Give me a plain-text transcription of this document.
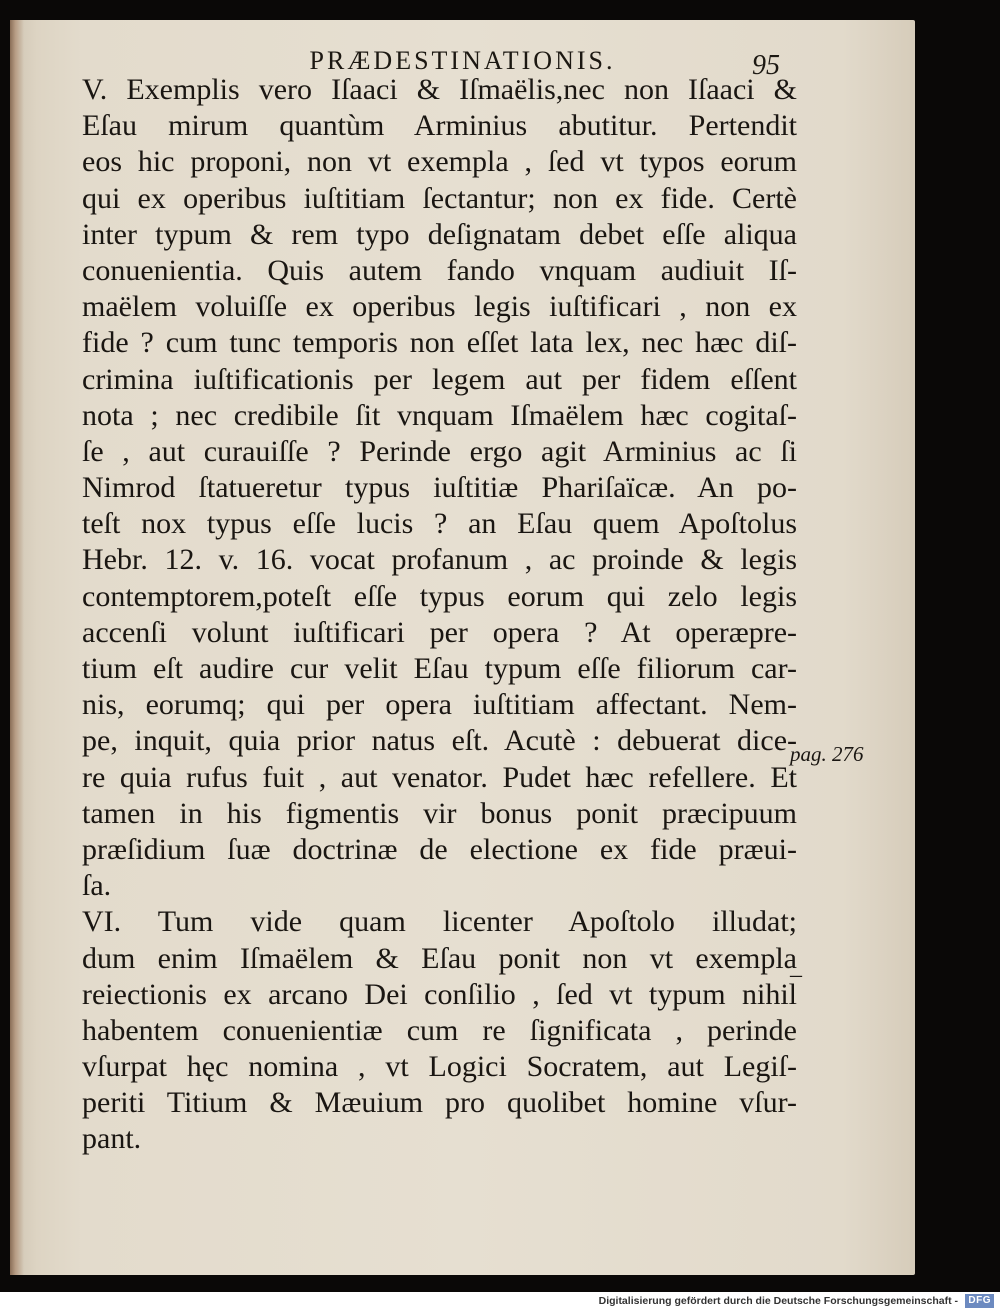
PRÆDESTINATIONIS.	95
V. Exemplis vero Iſaaci & Iſmaëlis,nec non Iſaaci &
Eſau mirum quantùm Arminius abutitur. Pertendit
eos hic proponi, non vt exempla , ſed vt typos eorum
qui ex operibus iuſtitiam ſectantur; non ex fide. Certè
inter typum & rem typo deſignatam debet eſſe aliqua
conuenientia. Quis autem fando vnquam audiuit Iſ-
maëlem voluiſſe ex operibus legis iuſtificari , non ex
fide ? cum tunc temporis non eſſet lata lex, nec hæc diſ-
crimina iuſtificationis per legem aut per fidem eſſent
nota ; nec credibile ſit vnquam Iſmaëlem hæc cogitaſ-
ſe , aut curauiſſe ? Perinde ergo agit Arminius ac ſi
Nimrod ſtatueretur typus iuſtitiæ Phariſaïcæ. An po-
teſt nox typus eſſe lucis ? an Eſau quem Apoſtolus
Hebr. 12. v. 16. vocat profanum , ac proinde & legis
contemptorem,poteſt eſſe typus eorum qui zelo legis
accenſi volunt iuſtificari per opera ? At operæpre-
tium eſt audire cur velit Eſau typum eſſe filiorum car-
nis, eorumq; qui per opera iuſtitiam affectant. Nem-
pe, inquit, quia prior natus eſt. Acutè : debuerat dice-
re quia rufus fuit , aut venator. Pudet hæc refellere. Et
tamen in his figmentis vir bonus ponit præcipuum
præſidium ſuæ doctrinæ de electione ex fide præui-
ſa.
VI. Tum vide quam licenter Apoſtolo illudat;
dum enim Iſmaëlem & Eſau ponit non vt exempla
reiectionis ex arcano Dei conſilio , ſed vt typum nihil
habentem conuenientiæ cum re ſignificata , perinde
vſurpat hęc nomina , vt Logici Socratem, aut Legiſ-
periti Titium & Mæuium pro quolibet homine vſur-
pant.
pag. 276
–
Digitalisierung gefördert durch die Deutsche Forschungsgemeinschaft -	DFG
